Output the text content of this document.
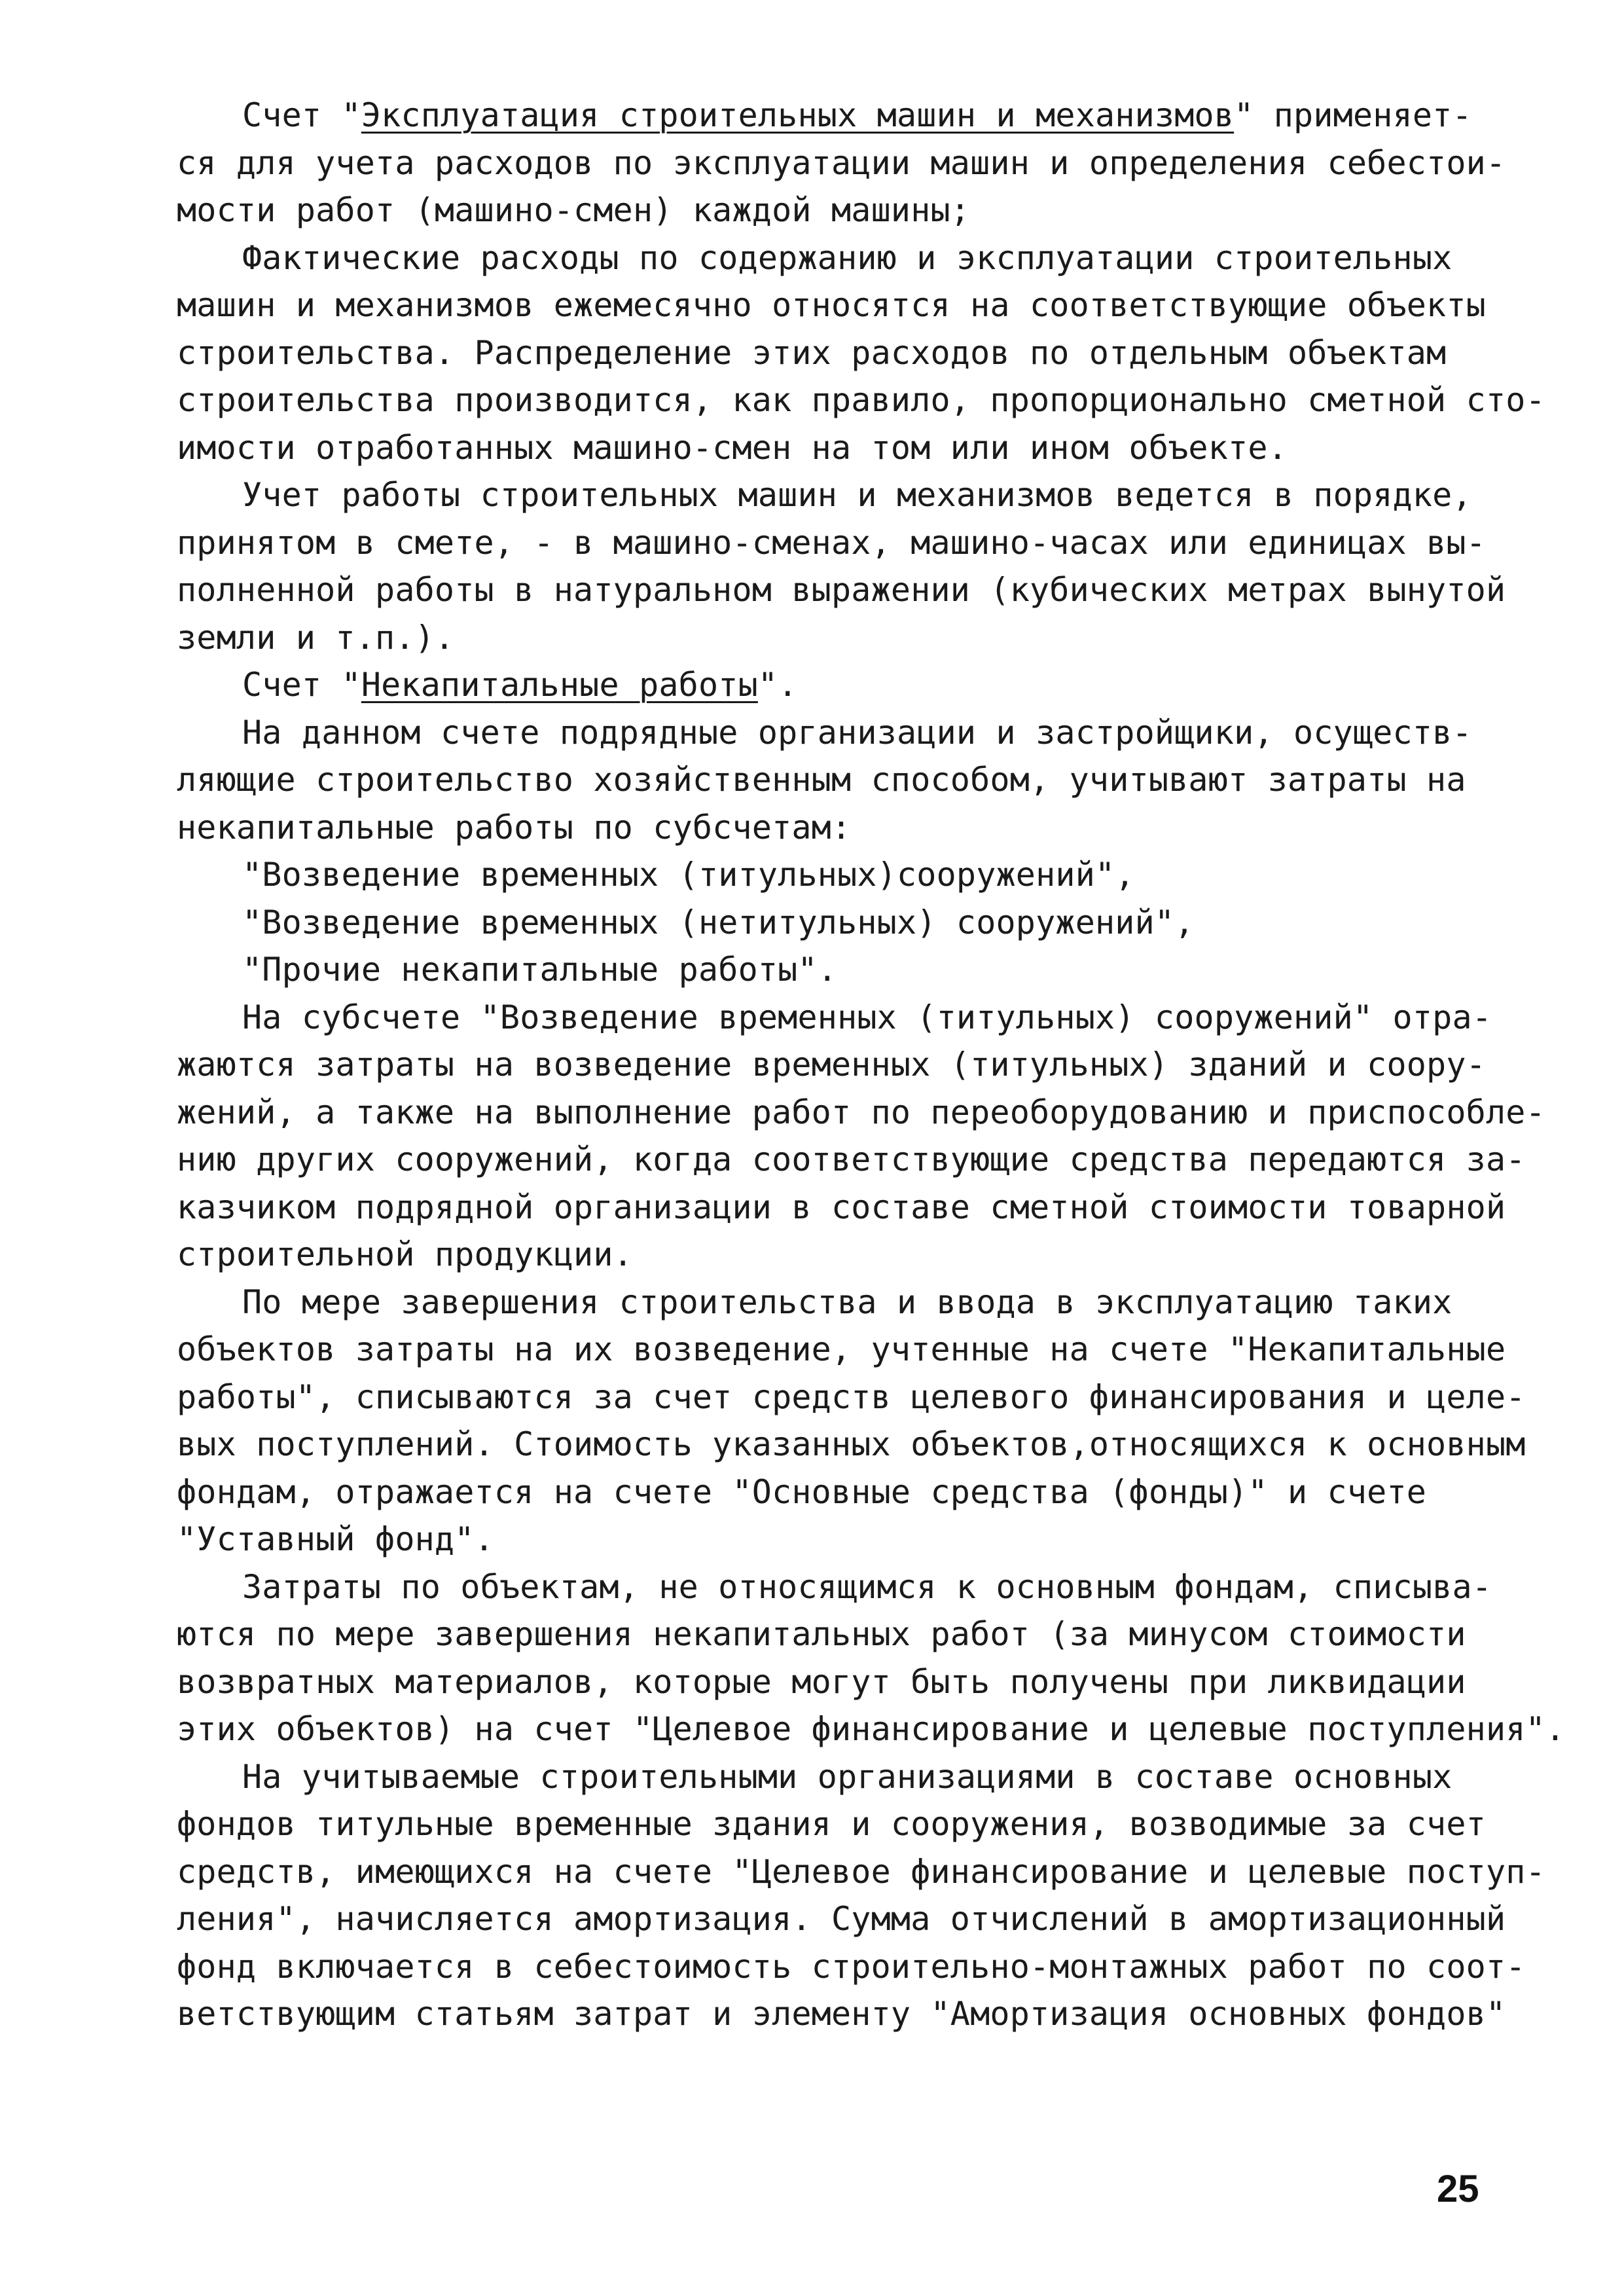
Счет "Эксплуатация строительных машин и механизмов" применяет-
ся для учета расходов по эксплуатации машин и определения себестои-
мости работ (машино-смен) каждой машины;

Фактические расходы по содержанию и эксплуатации строительных
машин и механизмов ежемесячно относятся на соответствующие объекты
строительства. Распределение этих расходов по отдельным объектам
строительства производится, как правило, пропорционально сметной сто-
имости отработанных машино-смен на том или ином объекте.

Учет работы строительных машин и механизмов ведется в порядке,
принятом в смете, - в машино-сменах, машино-часах или единицах вы-
полненной работы в натуральном выражении (кубических метрах вынутой
земли и т.п.).

Счет "Некапитальные работы".

На данном счете подрядные организации и застройщики, осуществ-
ляющие строительство хозяйственным способом, учитывают затраты на
некапитальные работы по субсчетам:

"Возведение временных (титульных)сооружений",
"Возведение временных (нетитульных) сооружений",
"Прочие некапитальные работы".

На субсчете "Возведение временных (титульных) сооружений" отра-
жаются затраты на возведение временных (титульных) зданий и соору-
жений, а также на выполнение работ по переоборудованию и приспособле-
нию других сооружений, когда соответствующие средства передаются за-
казчиком подрядной организации в составе сметной стоимости товарной
строительной продукции.

По мере завершения строительства и ввода в эксплуатацию таких
объектов затраты на их возведение, учтенные на счете "Некапитальные
работы", списываются за счет средств целевого финансирования и целе-
вых поступлений. Стоимость указанных объектов,относящихся к основным
фондам, отражается на счете "Основные средства (фонды)" и счете
"Уставный фонд".

Затраты по объектам, не относящимся к основным фондам, списыва-
ются по мере завершения некапитальных работ (за минусом стоимости
возвратных материалов, которые могут быть получены при ликвидации
этих объектов) на счет "Целевое финансирование и целевые поступления".

На учитываемые строительными организациями в составе основных
фондов титульные временные здания и сооружения, возводимые за счет
средств, имеющихся на счете "Целевое финансирование и целевые поступ-
ления", начисляется амортизация. Сумма отчислений в амортизационный
фонд включается в себестоимость строительно-монтажных работ по соот-
ветствующим статьям затрат и элементу "Амортизация основных фондов"

25
